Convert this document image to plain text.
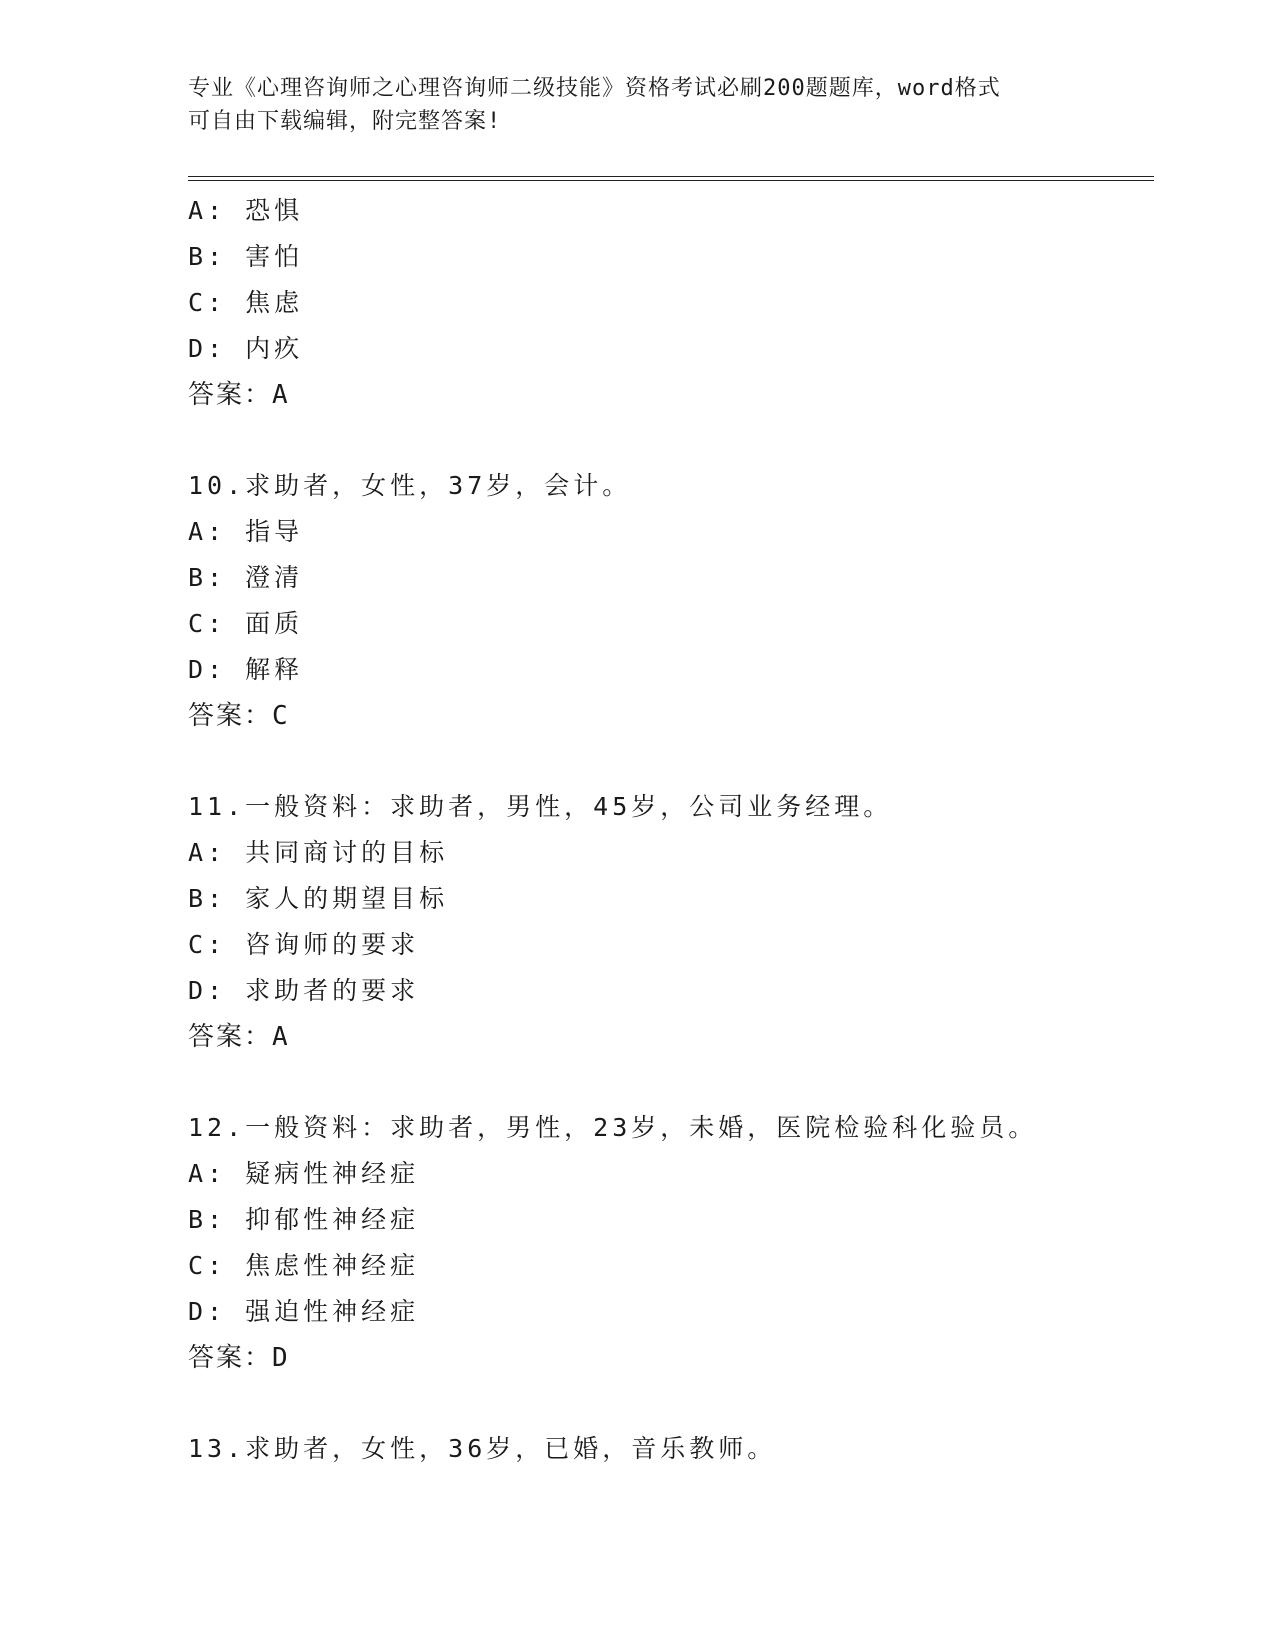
专业《心理咨询师之心理咨询师二级技能》资格考试必刷200题题库，word格式
可自由下载编辑，附完整答案!
A: 恐惧
B: 害怕
C: 焦虑
D: 内疚
答案：A
10.求助者，女性，37岁，会计。
A: 指导
B: 澄清
C: 面质
D: 解释
答案：C
11.一般资料：求助者，男性，45岁，公司业务经理。
A: 共同商讨的目标
B: 家人的期望目标
C: 咨询师的要求
D: 求助者的要求
答案：A
12.一般资料：求助者，男性，23岁，未婚，医院检验科化验员。
A: 疑病性神经症
B: 抑郁性神经症
C: 焦虑性神经症
D: 强迫性神经症
答案：D
13.求助者，女性，36岁，已婚，音乐教师。
